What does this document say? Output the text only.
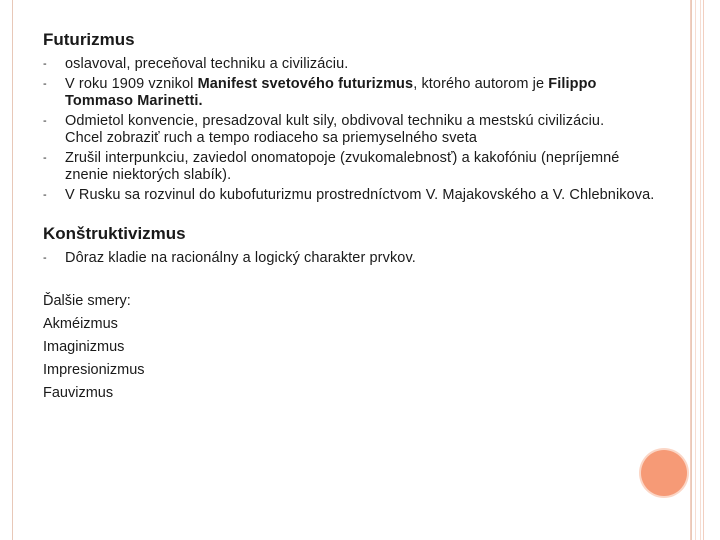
Futurizmus
- oslavoval, preceňoval techniku a civilizáciu.
- V roku 1909 vznikol Manifest svetového futurizmus, ktorého autorom je Filippo Tommaso Marinetti.
- Odmietol konvencie, presadzoval kult sily, obdivoval techniku a mestskú civilizáciu.
Chcel zobraziť ruch a tempo rodiaceho sa priemyselného sveta
- Zrušil interpunkciu, zaviedol onomatopoje (zvukomalebnosť) a kakofóniu (nepríjemné znenie niektorých slabík).
- V Rusku sa rozvinul do kubofuturizmu prostredníctvom V. Majakovského a V. Chlebnikova.
Konštruktivizmus
- Dôraz kladie na racionálny a logický charakter prvkov.
Ďalšie smery:
Akméizmus
Imaginizmus
Impresionizmus
Fauvizmus
